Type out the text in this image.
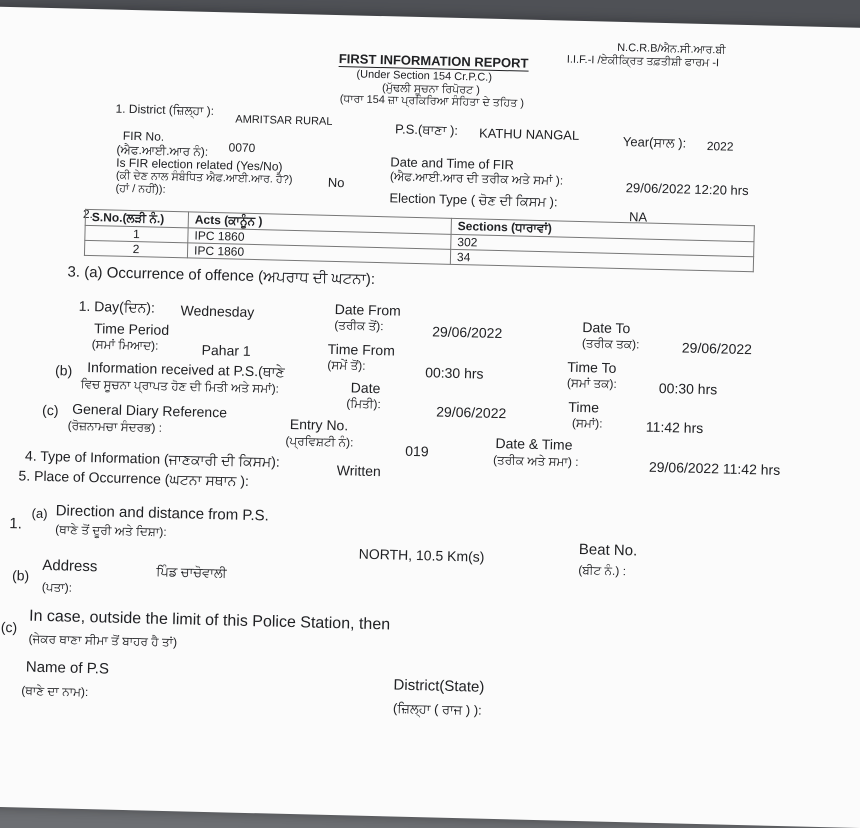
N.C.R.B/ਐਨ.ਸੀ.ਆਰ.ਬੀ
I.I.F.-I /ਏਕੀਕ੍ਰਿਤ ਤਫ਼ਤੀਸ਼ੀ ਫਾਰਮ -I
FIRST INFORMATION REPORT
(Under Section 154 Cr.P.C.)
(ਮੁੱਢਲੀ ਸੂਚਨਾ ਰਿਪੋਰਟ )
(ਧਾਰਾ 154 ਜ਼ਾ ਪ੍ਰਕਿਰਿਆ ਸੰਹਿਤਾ ਦੇ ਤਹਿਤ )
1. District (ਜ਼ਿਲ੍ਹਾ ):
AMRITSAR RURAL
P.S.(ਥਾਣਾ ): KATHU NANGAL	Year(ਸਾਲ ): 2022
FIR No.
(ਐਫ.ਆਈ.ਆਰ ਨੰ): 0070
Date and Time of FIR
(ਐਫ.ਆਈ.ਆਰ ਦੀ ਤਰੀਕ ਅਤੇ ਸਮਾਂ ):
29/06/2022 12:20 hrs
Is FIR election related (Yes/No)
(ਕੀ ਦੇਣ ਨਾਲ ਸੰਬੰਧਿਤ ਐਫ.ਆਈ.ਆਰ. ਹੈ?)
(ਹਾਂ / ਨਹੀਂ)):	No
Election Type ( ਚੋਣ ਦੀ ਕਿਸਮ ):
NA
2.
S.No.(ਲੜੀ ਨੰ.)	Acts (ਕਾਨੂੰਨ )	Sections (ਧਾਰਾਵਾਂ)
1	IPC 1860	302
2	IPC 1860	34
3. (a) Occurrence of offence (ਅਪਰਾਧ ਦੀ ਘਟਨਾ):
1. Day(ਦਿਨ): Wednesday	Date From
(ਤਰੀਕ ਤੋਂ):	29/06/2022	Date To
(ਤਰੀਕ ਤਕ):	29/06/2022
Time Period
(ਸਮਾਂ ਮਿਆਦ):	Pahar 1	Time From
(ਸਮੇਂ ਤੋਂ):	00:30 hrs	Time To
(ਸਮਾਂ ਤਕ):	00:30 hrs
(b) Information received at P.S.(ਥਾਣੇ
ਵਿਚ ਸੂਚਨਾ ਪ੍ਰਾਪਤ ਹੋਣ ਦੀ ਮਿਤੀ ਅਤੇ ਸਮਾਂ):	Date
(ਮਿਤੀ):	29/06/2022	Time
(ਸਮਾਂ):	11:42 hrs
(c) General Diary Reference
(ਰੋਜ਼ਨਾਮਚਾ ਸੰਦਰਭ) :	Entry No.
(ਪ੍ਰਵਿਸ਼ਟੀ ਨੰ):
019	Date & Time
(ਤਰੀਕ ਅਤੇ ਸਮਾ) :	29/06/2022 11:42 hrs
4. Type of Information (ਜਾਣਕਾਰੀ ਦੀ ਕਿਸਮ):
Written
5. Place of Occurrence (ਘਟਨਾ ਸਥਾਨ ):
1.
(a) Direction and distance from P.S.
(ਥਾਣੇ ਤੋਂ ਦੂਰੀ ਅਤੇ ਦਿਸ਼ਾ):
NORTH, 10.5 Km(s)	Beat No.
(ਬੀਟ ਨੰ.) :
(b)
Address
(ਪਤਾ):
ਪਿੰਡ ਚਾਚੋਵਾਲੀ
(c) In case, outside the limit of this Police Station, then
(ਜੇਕਰ ਥਾਣਾ ਸੀਮਾ ਤੋਂ ਬਾਹਰ ਹੈ ਤਾਂ)
Name of P.S
(ਥਾਣੇ ਦਾ ਨਾਮ):	District(State)
(ਜ਼ਿਲ੍ਹਾ ( ਰਾਜ ) ):
